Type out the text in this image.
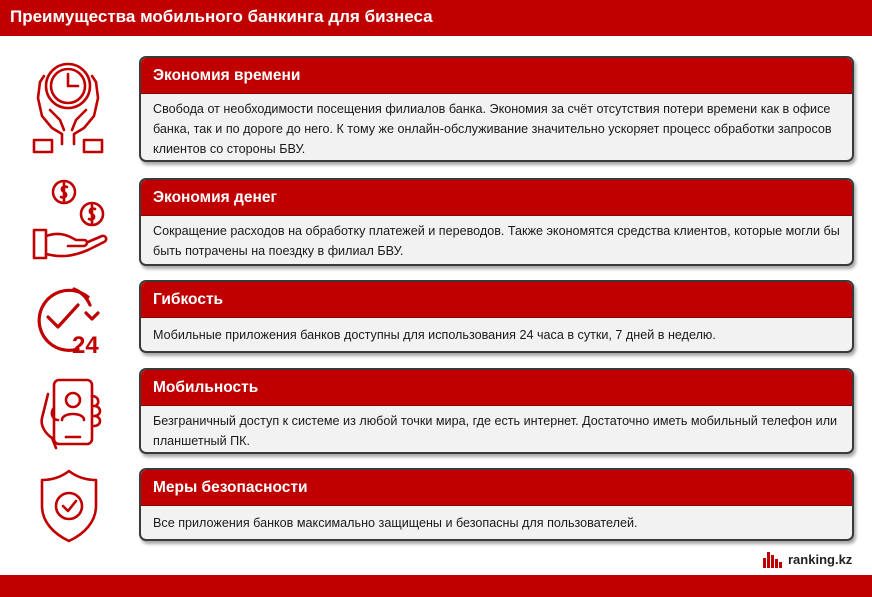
Преимущества мобильного банкинга для бизнеса
Экономия времени
Свобода от необходимости посещения филиалов банка. Экономия за счёт отсутствия потери времени как в офисе банка, так и по дороге до него. К тому же онлайн-обслуживание значительно ускоряет процесс обработки запросов клиентов со стороны БВУ.
Экономия денег
Сокращение расходов на обработку платежей и переводов. Также экономятся средства клиентов, которые могли бы быть потрачены на поездку в филиал БВУ.
Гибкость
Мобильные приложения банков доступны для использования 24 часа в сутки, 7 дней в неделю.
Мобильность
Безграничный доступ к системе из любой точки мира, где есть интернет. Достаточно иметь мобильный телефон или планшетный ПК.
Меры безопасности
Все приложения банков максимально защищены и безопасны для пользователей.
24
ranking.kz
